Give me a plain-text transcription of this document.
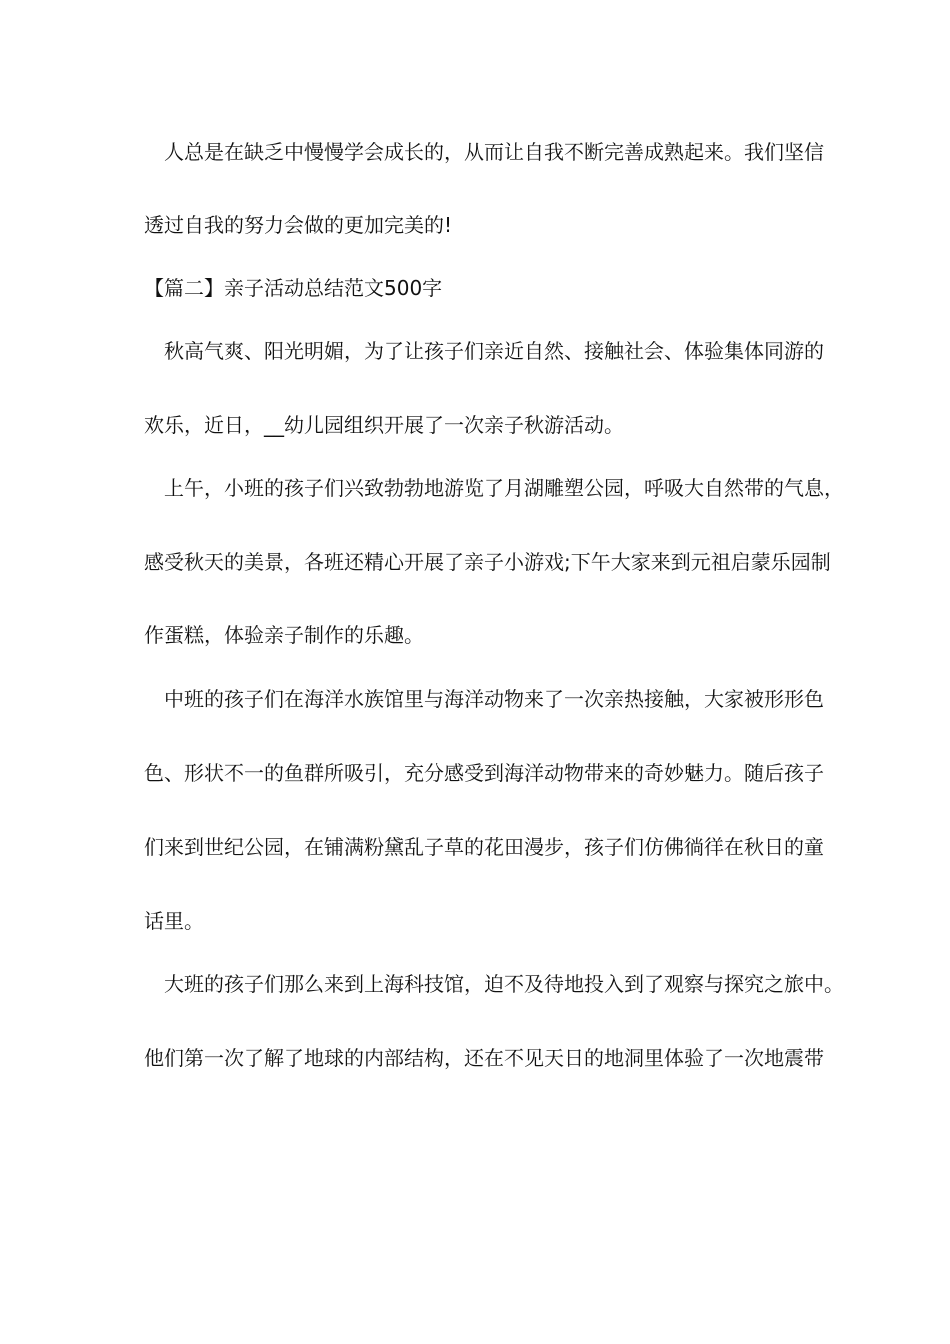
人总是在缺乏中慢慢学会成长的，从而让自我不断完善成熟起来。我们坚信
透过自我的努力会做的更加完美的!
【篇二】亲子活动总结范文500字
秋高气爽、阳光明媚，为了让孩子们亲近自然、接触社会、体验集体同游的
欢乐，近日，__幼儿园组织开展了一次亲子秋游活动。
上午，小班的孩子们兴致勃勃地游览了月湖雕塑公园，呼吸大自然带的气息，
感受秋天的美景，各班还精心开展了亲子小游戏;下午大家来到元祖启蒙乐园制
作蛋糕，体验亲子制作的乐趣。
中班的孩子们在海洋水族馆里与海洋动物来了一次亲热接触，大家被形形色
色、形状不一的鱼群所吸引，充分感受到海洋动物带来的奇妙魅力。随后孩子
们来到世纪公园，在铺满粉黛乱子草的花田漫步，孩子们仿佛徜徉在秋日的童
话里。
大班的孩子们那么来到上海科技馆，迫不及待地投入到了观察与探究之旅中。
他们第一次了解了地球的内部结构，还在不见天日的地洞里体验了一次地震带
